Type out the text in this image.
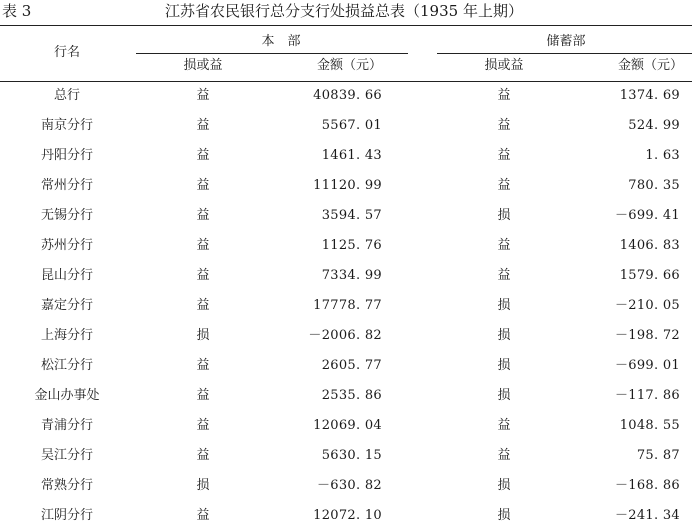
表 3	江苏省农民银行总分支行处损益总表（1935 年上期）
行名
本　部	储蓄部
损或益	金额（元）	损或益	金额（元）
总行	益	40839. 66	益	1374. 69
南京分行	益	5567. 01	益	524. 99
丹阳分行	益	1461. 43	益	1. 63
常州分行	益	11120. 99	益	780. 35
无锡分行	益	3594. 57	损	－699. 41
苏州分行	益	1125. 76	益	1406. 83
昆山分行	益	7334. 99	益	1579. 66
嘉定分行	益	17778. 77	损	－210. 05
上海分行	损	－2006. 82	损	－198. 72
松江分行	益	2605. 77	损	－699. 01
金山办事处	益	2535. 86	损	－117. 86
青浦分行	益	12069. 04	益	1048. 55
吴江分行	益	5630. 15	益	75. 87
常熟分行	损	－630. 82	损	－168. 86
江阴分行	益	12072. 10	损	－241. 34
